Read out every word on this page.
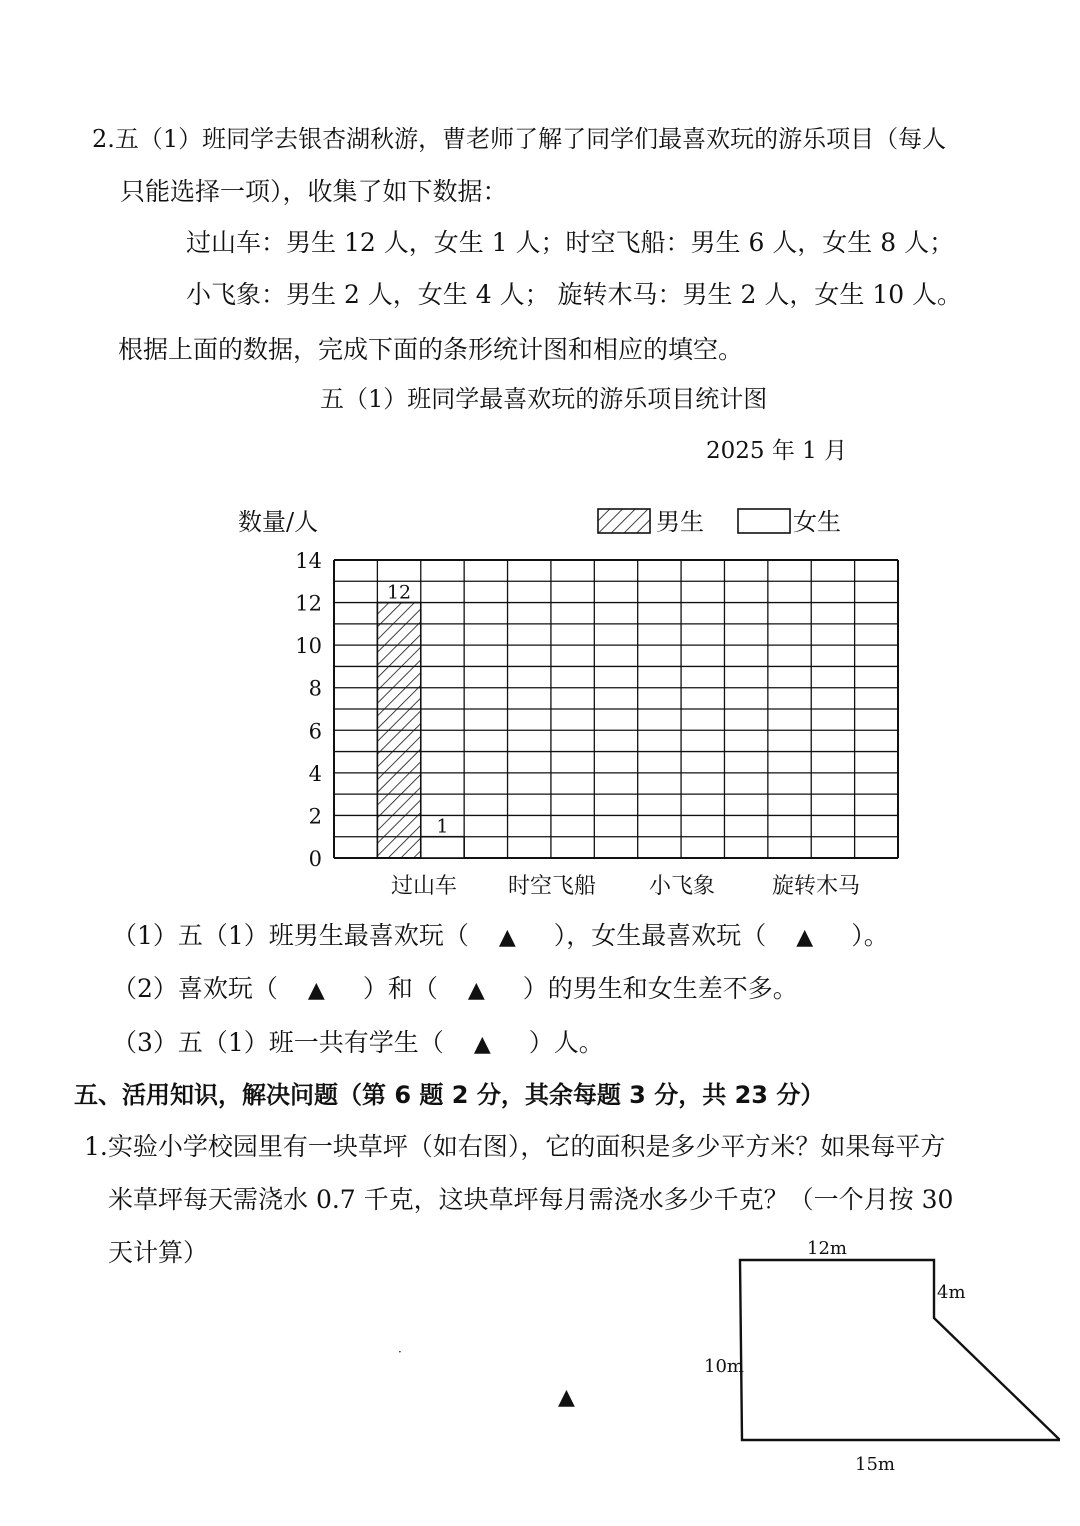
2.五（1）班同学去银杏湖秋游，曹老师了解了同学们最喜欢玩的游乐项目（每人
只能选择一项），收集了如下数据：
过山车：男生 12 人，女生 1 人；时空飞船：男生 6 人，女生 8 人；
小飞象：男生 2 人，女生 4 人； 旋转木马：男生 2 人，女生 10 人。
根据上面的数据，完成下面的条形统计图和相应的填空。
五（1）班同学最喜欢玩的游乐项目统计图
2025 年 1 月
数量/人	男生	女生
12
1
0
2
4
6
8
10
12
14
过山车 时空飞船 小飞象	旋转木马
（1）五（1）班男生最喜欢玩（ ▲ ），女生最喜欢玩（ ▲ ）。
（2）喜欢玩（ ▲ ）和（ ▲ ）的男生和女生差不多。
（3）五（1）班一共有学生（ ▲ ）人。
五、活用知识，解决问题（第 6 题 2 分，其余每题 3 分，共 23 分）
1.实验小学校园里有一块草坪（如右图），它的面积是多少平方米？如果每平方
米草坪每天需浇水 0.7 千克，这块草坪每月需浇水多少千克？（一个月按 30
天计算）
·
▲
12m
4m
10m
15m
